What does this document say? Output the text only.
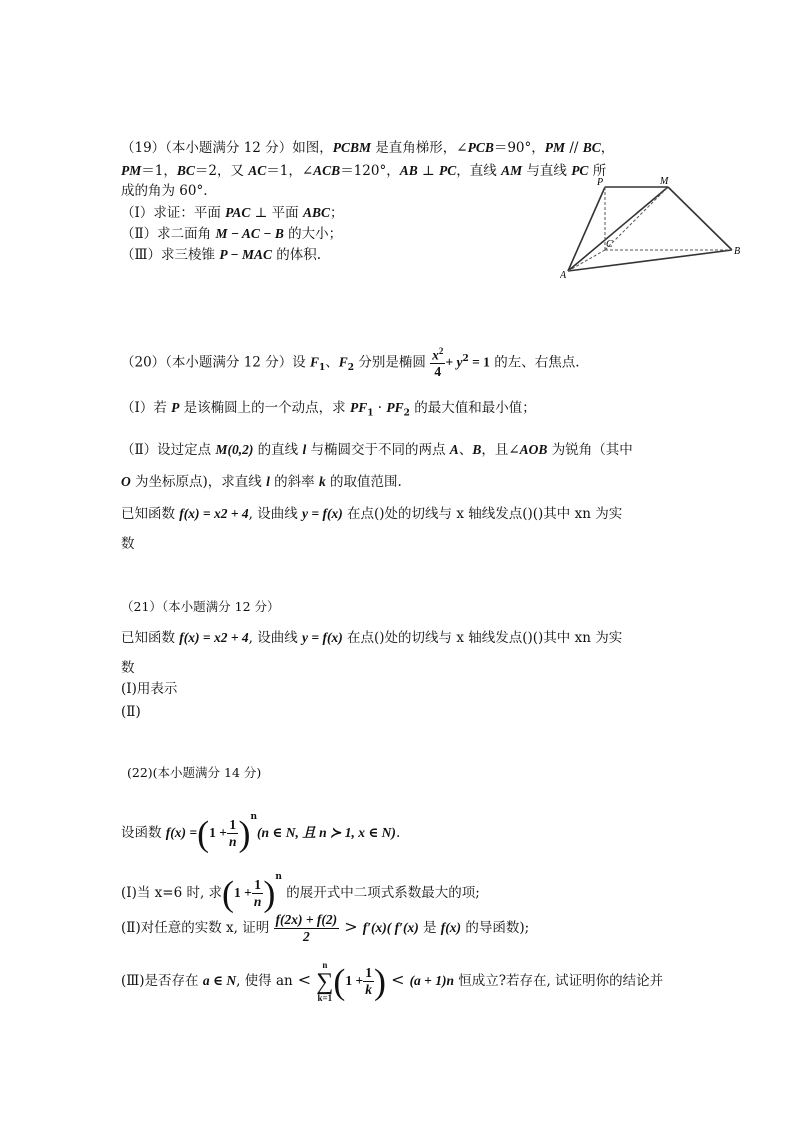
（19）（本小题满分 12 分）如图，PCBM 是直角梯形，∠PCB＝90°，PM // BC，
PM＝1，BC＝2，又 AC＝1，∠ACB＝120°，AB ⊥ PC，直线 AM 与直线 PC 所
成的角为 60°.
（Ⅰ）求证：平面 PAC ⊥ 平面 ABC；
（Ⅱ）求二面角 M − AC − B 的大小；
（Ⅲ）求三棱锥 P − MAC 的体积.
P	M
C
A
B
（20）（本小题满分 12 分）设 $F_1$、$F_2$ 分别是椭圆 $\frac{x^2}{4} + y^2 = 1$ 的左、右焦点.
（Ⅰ）若 P 是该椭圆上的一个动点，求 $PF_1 \cdot PF_2$ 的最大值和最小值；
（Ⅱ）设过定点 M(0,2) 的直线 l 与椭圆交于不同的两点 A、B，且∠AOB 为锐角（其中
O 为坐标原点)，求直线 l 的斜率 k 的取值范围.
已知函数 f(x) = x2 + 4, 设曲线 y = f(x) 在点()处的切线与 x 轴线发点()()其中 xn 为实
数
（21）（本小题满分 12 分）
已知函数 f(x) = x2 + 4, 设曲线 y = f(x) 在点()处的切线与 x 轴线发点()()其中 xn 为实
数
(Ⅰ)用表示
(Ⅱ)
(22)(本小题满分 14 分)
设函数 $f(x) =(1 + \frac{1}{n} )^n(n$ ∈ N, 且 n ≻ 1, x ∈ N).
(Ⅰ)当 x=6 时, 求$(1 + \frac{1}{n} )^n$ 的展开式中二项式系数最大的项;
(Ⅱ)对任意的实数 x, 证明 $\frac{f(2x) + f(2)}{2} > f'(x)$( f′(x) 是 f(x) 的导函数);
(Ⅲ)是否存在 a ∈ N, 使得 an <
n
∑
k=1 ($1 + \frac{1}{k}$ ) < (a + 1)n 恒成立?若存在, 试证明你的结论并
